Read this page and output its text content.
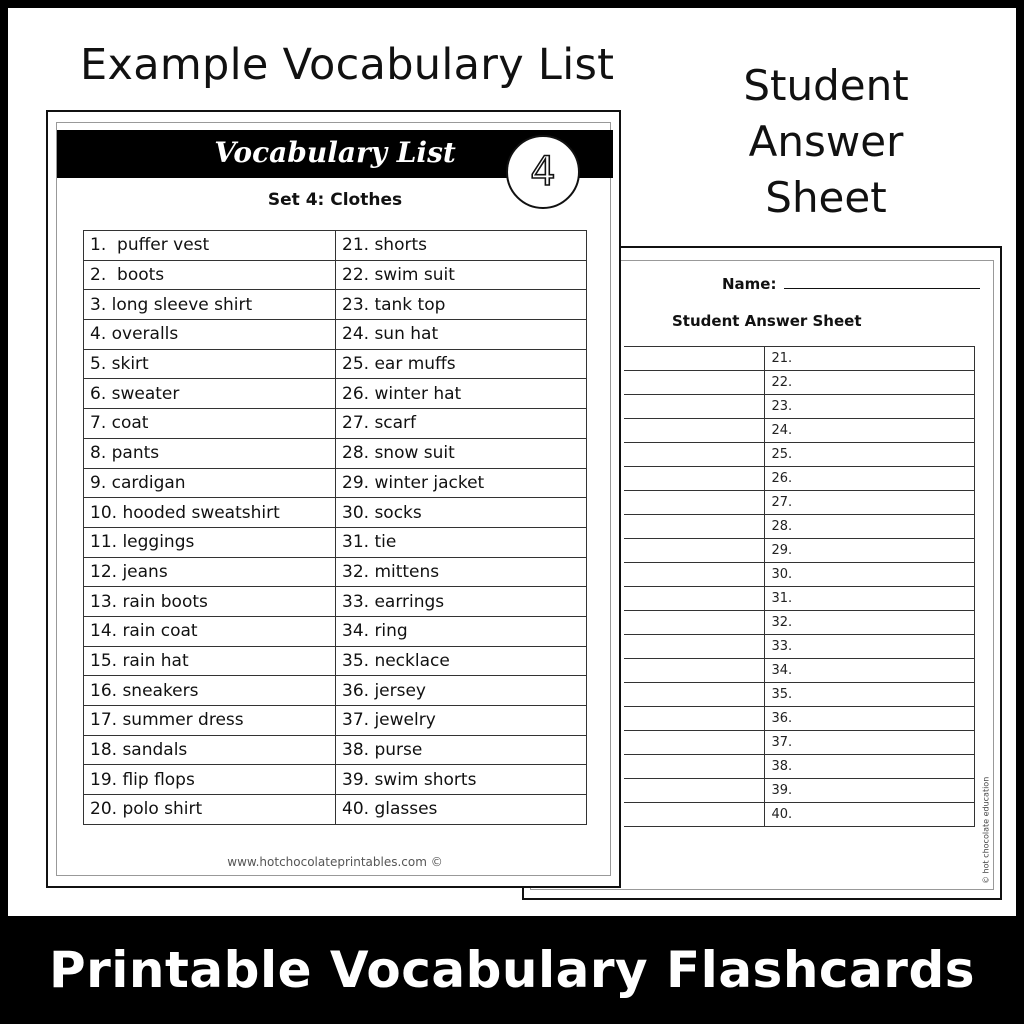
Example Vocabulary List	Student
Answer
Sheet
Name:
Student Answer Sheet
	21.
	22.
	23.
	24.
	25.
	26.
	27.
	28.
	29.
	30.
	31.
	32.
	33.
	34.
	35.
	36.
	37.
	38.
	39.
	40.	© hot chocolate education
Vocabulary List	4
Set 4: Clothes
1.  puffer vest	21. shorts
2.  boots	22. swim suit
3. long sleeve shirt	23. tank top
4. overalls	24. sun hat
5. skirt	25. ear muffs
6. sweater	26. winter hat
7. coat	27. scarf
8. pants	28. snow suit
9. cardigan	29. winter jacket
10. hooded sweatshirt	30. socks
11. leggings	31. tie
12. jeans	32. mittens
13. rain boots	33. earrings
14. rain coat	34. ring
15. rain hat	35. necklace
16. sneakers	36. jersey
17. summer dress	37. jewelry
18. sandals	38. purse
19. flip flops	39. swim shorts
20. polo shirt	40. glasses
www.hotchocolateprintables.com ©
Printable Vocabulary Flashcards
